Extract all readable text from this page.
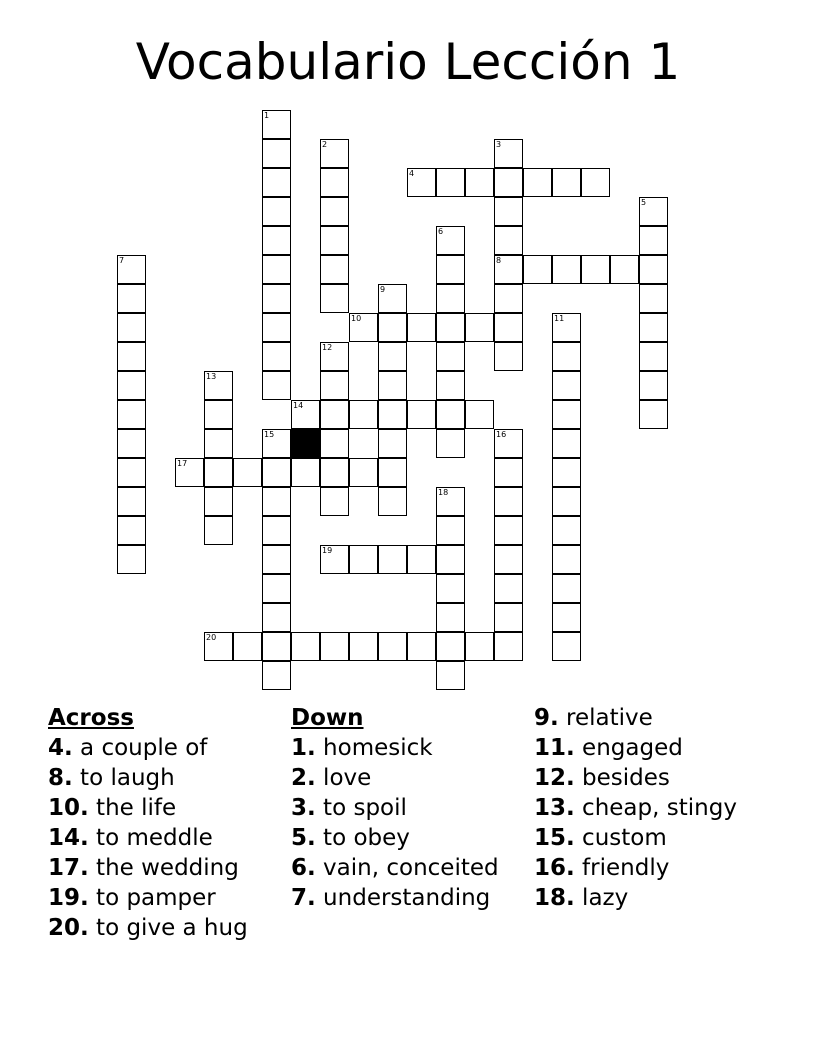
Vocabulario Lección 1
4
8
10
14
17
19
20
1
2	3
5
6
7
9
11
12
13
15	16
18
Across
4. a couple of
8. to laugh
10. the life
14. to meddle
17. the wedding
19. to pamper
20. to give a hug
Down
1. homesick
2. love
3. to spoil
5. to obey
6. vain, conceited
7. understanding
9. relative
11. engaged
12. besides
13. cheap, stingy
15. custom
16. friendly
18. lazy
